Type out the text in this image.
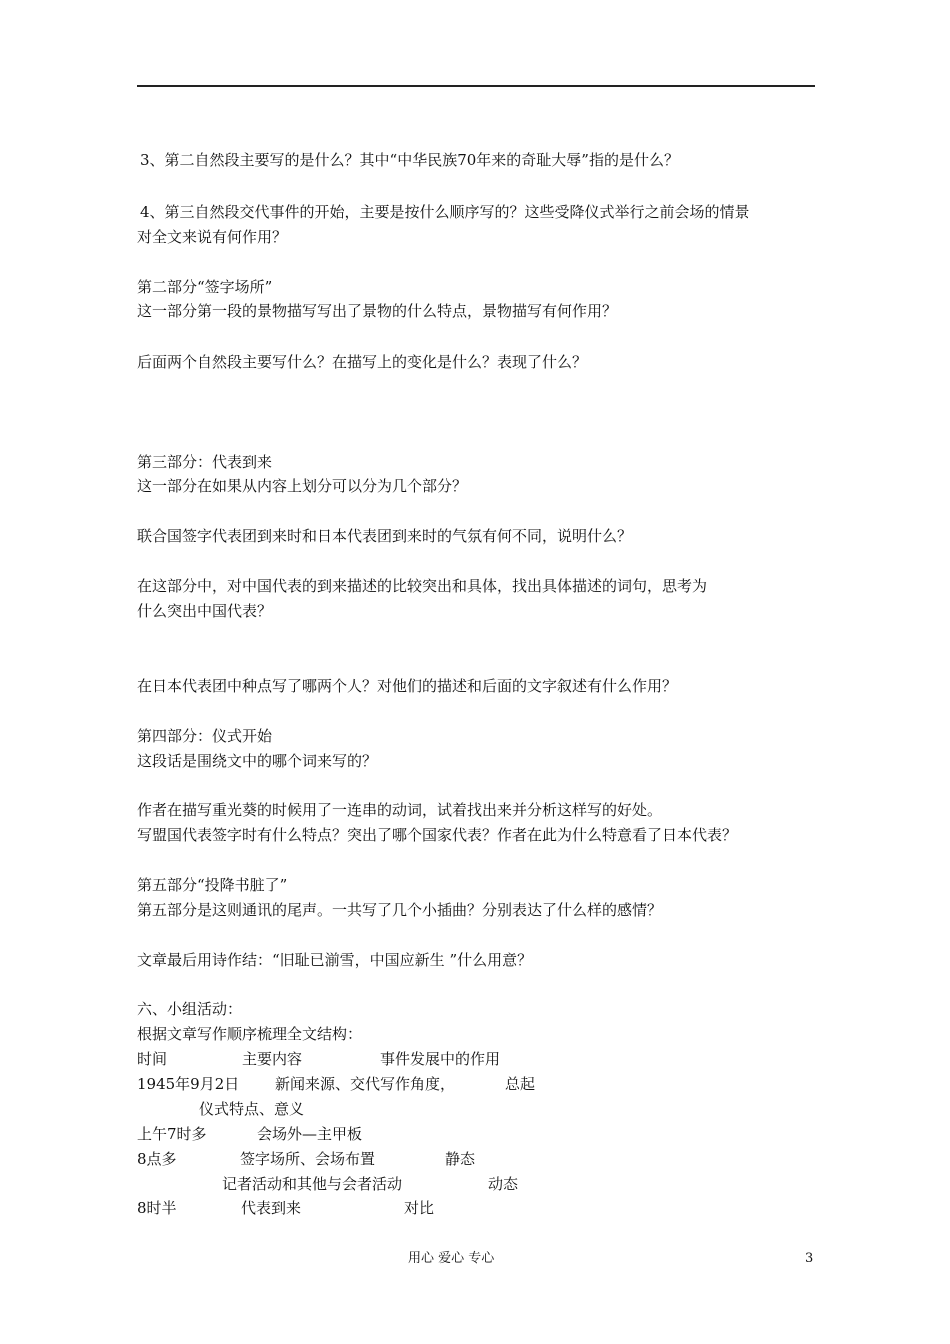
3、第二自然段主要写的是什么？其中“中华民族70年来的奇耻大辱”指的是什么？
4、第三自然段交代事件的开始，主要是按什么顺序写的？这些受降仪式举行之前会场的情景
对全文来说有何作用？
第二部分“签字场所”
这一部分第一段的景物描写写出了景物的什么特点，景物描写有何作用？
后面两个自然段主要写什么？在描写上的变化是什么？表现了什么？
第三部分：代表到来
这一部分在如果从内容上划分可以分为几个部分？
联合国签字代表团到来时和日本代表团到来时的气氛有何不同，说明什么？
在这部分中，对中国代表的到来描述的比较突出和具体，找出具体描述的词句，思考为
什么突出中国代表？
在日本代表团中种点写了哪两个人？对他们的描述和后面的文字叙述有什么作用？
第四部分：仪式开始
这段话是围绕文中的哪个词来写的？
作者在描写重光葵的时候用了一连串的动词，试着找出来并分析这样写的好处。
写盟国代表签字时有什么特点？突出了哪个国家代表？作者在此为什么特意看了日本代表？
第五部分“投降书脏了”
第五部分是这则通讯的尾声。一共写了几个小插曲？分别表达了什么样的感情？
文章最后用诗作结：“旧耻已湔雪，中国应新生 ”什么用意？
六、小组活动：
根据文章写作顺序梳理全文结构：
时间	主要内容	事件发展中的作用
1945年9月2日 新闻来源、交代写作角度，	总起
仪式特点、意义
上午7时多	会场外—主甲板
8点多	签字场所、会场布置	静态
记者活动和其他与会者活动	动态
8时半	代表到来	对比
用心 爱心 专心	3
